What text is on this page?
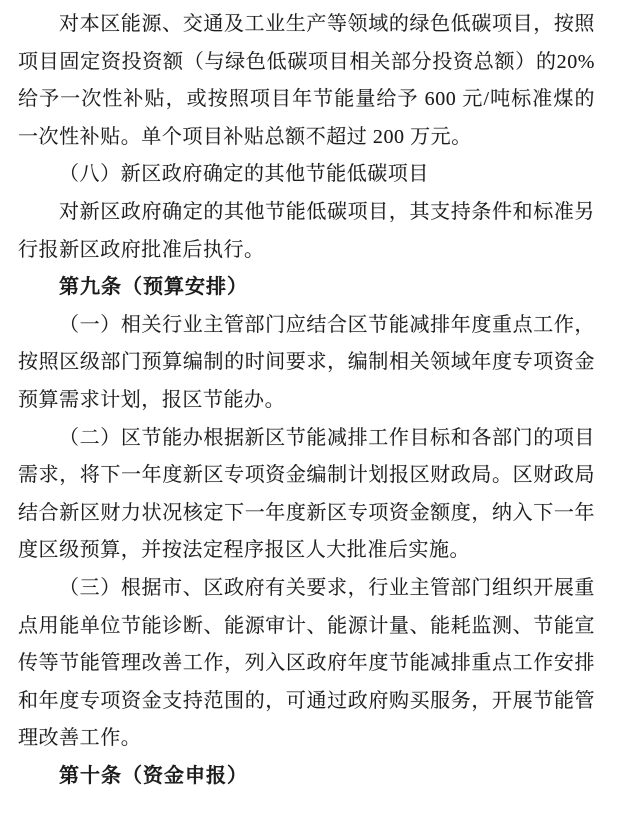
对本区能源、交通及工业生产等领域的绿色低碳项目，按照项目固定资投资额（与绿色低碳项目相关部分投资总额）的20%给予一次性补贴，或按照项目年节能量给予 600 元/吨标准煤的一次性补贴。单个项目补贴总额不超过 200 万元。

（八）新区政府确定的其他节能低碳项目

对新区政府确定的其他节能低碳项目，其支持条件和标准另行报新区政府批准后执行。

第九条（预算安排）

（一）相关行业主管部门应结合区节能减排年度重点工作，按照区级部门预算编制的时间要求，编制相关领域年度专项资金预算需求计划，报区节能办。

（二）区节能办根据新区节能减排工作目标和各部门的项目需求，将下一年度新区专项资金编制计划报区财政局。区财政局结合新区财力状况核定下一年度新区专项资金额度，纳入下一年度区级预算，并按法定程序报区人大批准后实施。

（三）根据市、区政府有关要求，行业主管部门组织开展重点用能单位节能诊断、能源审计、能源计量、能耗监测、节能宣传等节能管理改善工作，列入区政府年度节能减排重点工作安排和年度专项资金支持范围的，可通过政府购买服务，开展节能管理改善工作。

第十条（资金申报）
